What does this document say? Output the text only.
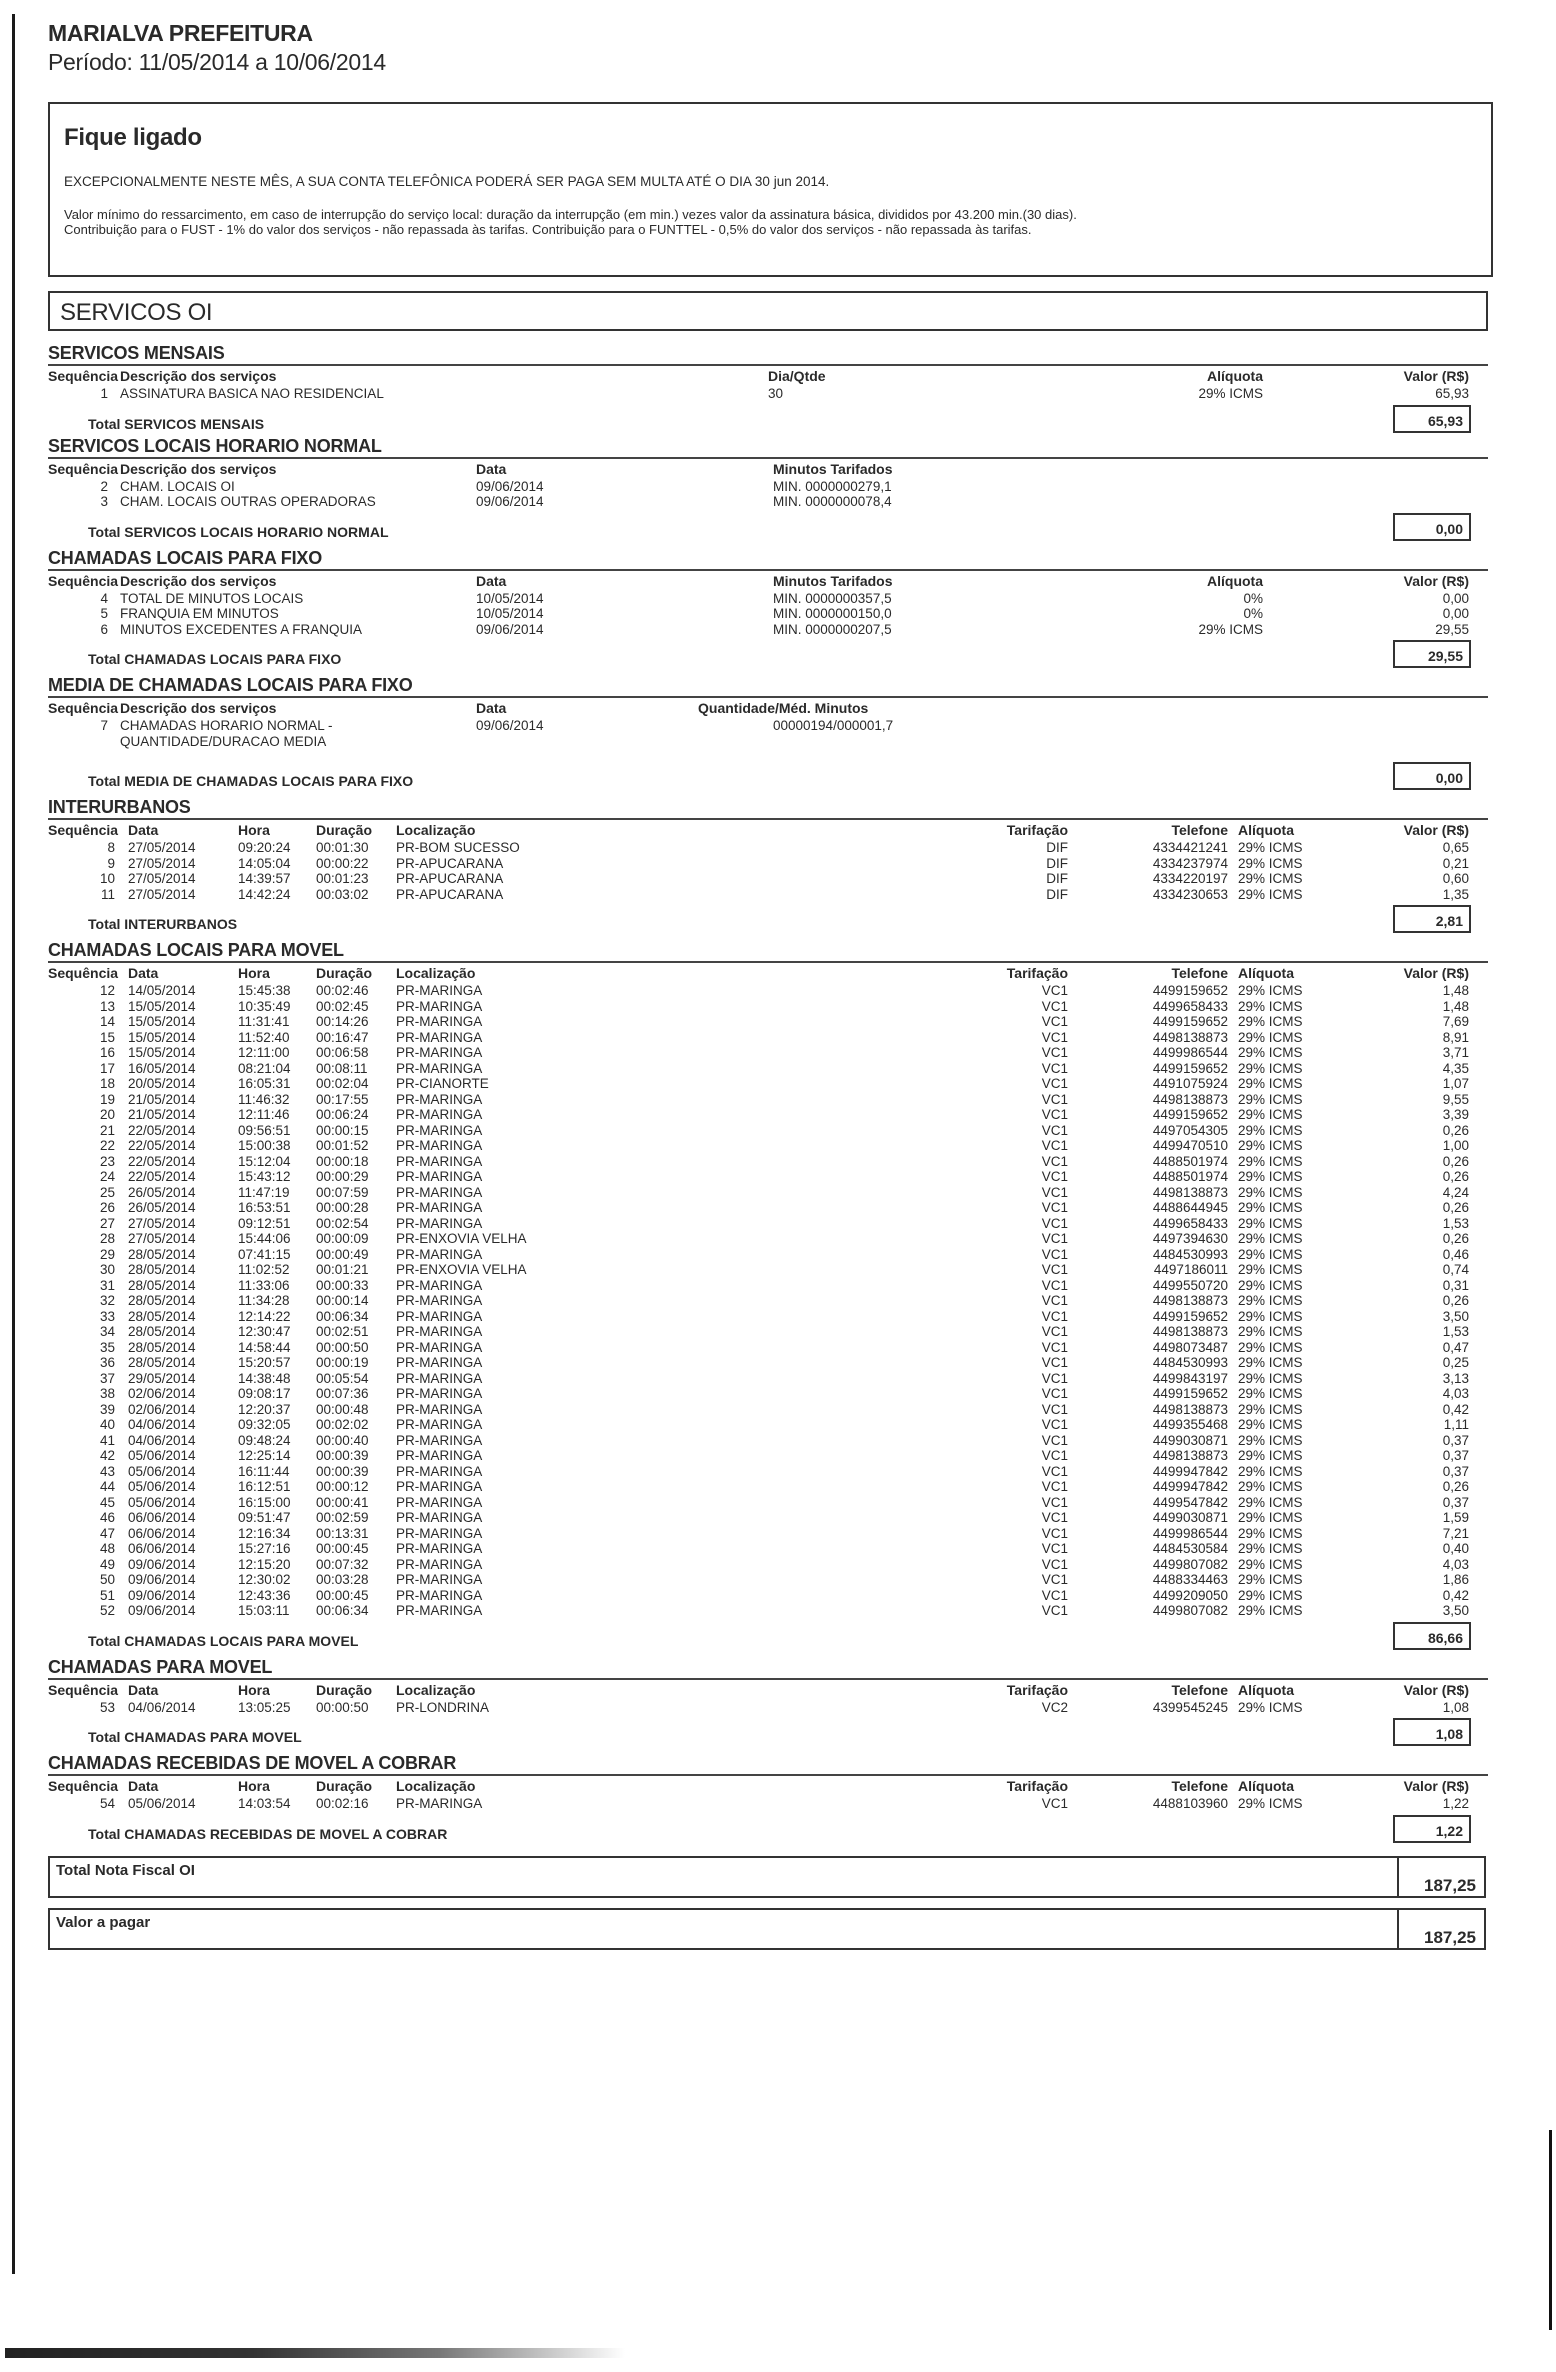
MARIALVA PREFEITURA
Período: 11/05/2014 a 10/06/2014
Fique ligado
EXCEPCIONALMENTE NESTE MÊS, A SUA CONTA TELEFÔNICA PODERÁ SER PAGA SEM MULTA ATÉ O DIA 30 jun 2014.
Valor mínimo do ressarcimento, em caso de interrupção do serviço local: duração da interrupção (em min.) vezes valor da assinatura básica, divididos por 43.200 min.(30 dias).
Contribuição para o FUST - 1% do valor dos serviços - não repassada às tarifas. Contribuição para o FUNTTEL - 0,5% do valor dos serviços - não repassada às tarifas.
SERVICOS OI
SERVICOS MENSAIS
Sequência Descrição dos serviços	Dia/Qtde	Alíquota	Valor (R$)
1 ASSINATURA BASICA NAO RESIDENCIAL	30	29% ICMS	65,93
Total SERVICOS MENSAIS	65,93
SERVICOS LOCAIS HORARIO NORMAL
Sequência Descrição dos serviços	Data	Minutos Tarifados
2 CHAM. LOCAIS OI	09/06/2014	MIN. 0000000279,1
3 CHAM. LOCAIS OUTRAS OPERADORAS	09/06/2014	MIN. 0000000078,4
Total SERVICOS LOCAIS HORARIO NORMAL	0,00
CHAMADAS LOCAIS PARA FIXO
Sequência Descrição dos serviços	Data	Minutos Tarifados	Alíquota	Valor (R$)
4 TOTAL DE MINUTOS LOCAIS	10/05/2014	MIN. 0000000357,5	0%	0,00
5 FRANQUIA EM MINUTOS	10/05/2014	MIN. 0000000150,0	0%	0,00
6 MINUTOS EXCEDENTES A FRANQUIA	09/06/2014	MIN. 0000000207,5	29% ICMS	29,55
Total CHAMADAS LOCAIS PARA FIXO	29,55
MEDIA DE CHAMADAS LOCAIS PARA FIXO
Sequência Descrição dos serviços	Data	Quantidade/Méd. Minutos
7 CHAMADAS HORARIO NORMAL -	09/06/2014	00000194/000001,7
QUANTIDADE/DURACAO MEDIA
Total MEDIA DE CHAMADAS LOCAIS PARA FIXO	0,00
INTERURBANOS
Sequência Data	Hora	Duração Localização	Tarifação	Telefone Alíquota	Valor (R$)
8 27/05/2014	09:20:24 00:01:30 PR-BOM SUCESSO	DIF	4334421241 29% ICMS	0,65
9 27/05/2014	14:05:04 00:00:22 PR-APUCARANA	DIF	4334237974 29% ICMS	0,21
10 27/05/2014	14:39:57 00:01:23 PR-APUCARANA	DIF	4334220197 29% ICMS	0,60
11 27/05/2014	14:42:24 00:03:02 PR-APUCARANA	DIF	4334230653 29% ICMS	1,35
Total INTERURBANOS	2,81
CHAMADAS LOCAIS PARA MOVEL
Sequência Data	Hora	Duração Localização	Tarifação	Telefone Alíquota	Valor (R$)
12 14/05/2014	15:45:38 00:02:46 PR-MARINGA	VC1	4499159652 29% ICMS	1,48
13 15/05/2014	10:35:49 00:02:45 PR-MARINGA	VC1	4499658433 29% ICMS	1,48
14 15/05/2014	11:31:41 00:14:26 PR-MARINGA	VC1	4499159652 29% ICMS	7,69
15 15/05/2014	11:52:40 00:16:47 PR-MARINGA	VC1	4498138873 29% ICMS	8,91
16 15/05/2014	12:11:00 00:06:58 PR-MARINGA	VC1	4499986544 29% ICMS	3,71
17 16/05/2014	08:21:04 00:08:11 PR-MARINGA	VC1	4499159652 29% ICMS	4,35
18 20/05/2014	16:05:31 00:02:04 PR-CIANORTE	VC1	4491075924 29% ICMS	1,07
19 21/05/2014	11:46:32 00:17:55 PR-MARINGA	VC1	4498138873 29% ICMS	9,55
20 21/05/2014	12:11:46 00:06:24 PR-MARINGA	VC1	4499159652 29% ICMS	3,39
21 22/05/2014	09:56:51 00:00:15 PR-MARINGA	VC1	4497054305 29% ICMS	0,26
22 22/05/2014	15:00:38 00:01:52 PR-MARINGA	VC1	4499470510 29% ICMS	1,00
23 22/05/2014	15:12:04 00:00:18 PR-MARINGA	VC1	4488501974 29% ICMS	0,26
24 22/05/2014	15:43:12 00:00:29 PR-MARINGA	VC1	4488501974 29% ICMS	0,26
25 26/05/2014	11:47:19 00:07:59 PR-MARINGA	VC1	4498138873 29% ICMS	4,24
26 26/05/2014	16:53:51 00:00:28 PR-MARINGA	VC1	4488644945 29% ICMS	0,26
27 27/05/2014	09:12:51 00:02:54 PR-MARINGA	VC1	4499658433 29% ICMS	1,53
28 27/05/2014	15:44:06 00:00:09 PR-ENXOVIA VELHA	VC1	4497394630 29% ICMS	0,26
29 28/05/2014	07:41:15 00:00:49 PR-MARINGA	VC1	4484530993 29% ICMS	0,46
30 28/05/2014	11:02:52 00:01:21 PR-ENXOVIA VELHA	VC1	4497186011 29% ICMS	0,74
31 28/05/2014	11:33:06 00:00:33 PR-MARINGA	VC1	4499550720 29% ICMS	0,31
32 28/05/2014	11:34:28 00:00:14 PR-MARINGA	VC1	4498138873 29% ICMS	0,26
33 28/05/2014	12:14:22 00:06:34 PR-MARINGA	VC1	4499159652 29% ICMS	3,50
34 28/05/2014	12:30:47 00:02:51 PR-MARINGA	VC1	4498138873 29% ICMS	1,53
35 28/05/2014	14:58:44 00:00:50 PR-MARINGA	VC1	4498073487 29% ICMS	0,47
36 28/05/2014	15:20:57 00:00:19 PR-MARINGA	VC1	4484530993 29% ICMS	0,25
37 29/05/2014	14:38:48 00:05:54 PR-MARINGA	VC1	4499843197 29% ICMS	3,13
38 02/06/2014	09:08:17 00:07:36 PR-MARINGA	VC1	4499159652 29% ICMS	4,03
39 02/06/2014	12:20:37 00:00:48 PR-MARINGA	VC1	4498138873 29% ICMS	0,42
40 04/06/2014	09:32:05 00:02:02 PR-MARINGA	VC1	4499355468 29% ICMS	1,11
41 04/06/2014	09:48:24 00:00:40 PR-MARINGA	VC1	4499030871 29% ICMS	0,37
42 05/06/2014	12:25:14 00:00:39 PR-MARINGA	VC1	4498138873 29% ICMS	0,37
43 05/06/2014	16:11:44 00:00:39 PR-MARINGA	VC1	4499947842 29% ICMS	0,37
44 05/06/2014	16:12:51 00:00:12 PR-MARINGA	VC1	4499947842 29% ICMS	0,26
45 05/06/2014	16:15:00 00:00:41 PR-MARINGA	VC1	4499547842 29% ICMS	0,37
46 06/06/2014	09:51:47 00:02:59 PR-MARINGA	VC1	4499030871 29% ICMS	1,59
47 06/06/2014	12:16:34 00:13:31 PR-MARINGA	VC1	4499986544 29% ICMS	7,21
48 06/06/2014	15:27:16 00:00:45 PR-MARINGA	VC1	4484530584 29% ICMS	0,40
49 09/06/2014	12:15:20 00:07:32 PR-MARINGA	VC1	4499807082 29% ICMS	4,03
50 09/06/2014	12:30:02 00:03:28 PR-MARINGA	VC1	4488334463 29% ICMS	1,86
51 09/06/2014	12:43:36 00:00:45 PR-MARINGA	VC1	4499209050 29% ICMS	0,42
52 09/06/2014	15:03:11 00:06:34 PR-MARINGA	VC1	4499807082 29% ICMS	3,50
Total CHAMADAS LOCAIS PARA MOVEL	86,66
CHAMADAS PARA MOVEL
Sequência Data	Hora	Duração Localização	Tarifação	Telefone Alíquota	Valor (R$)
53 04/06/2014	13:05:25 00:00:50 PR-LONDRINA	VC2	4399545245 29% ICMS	1,08
Total CHAMADAS PARA MOVEL	1,08
CHAMADAS RECEBIDAS DE MOVEL A COBRAR
Sequência Data	Hora	Duração Localização	Tarifação	Telefone Alíquota	Valor (R$)
54 05/06/2014	14:03:54 00:02:16 PR-MARINGA	VC1	4488103960 29% ICMS	1,22
Total CHAMADAS RECEBIDAS DE MOVEL A COBRAR	1,22
Total Nota Fiscal OI
187,25
Valor a pagar
187,25
